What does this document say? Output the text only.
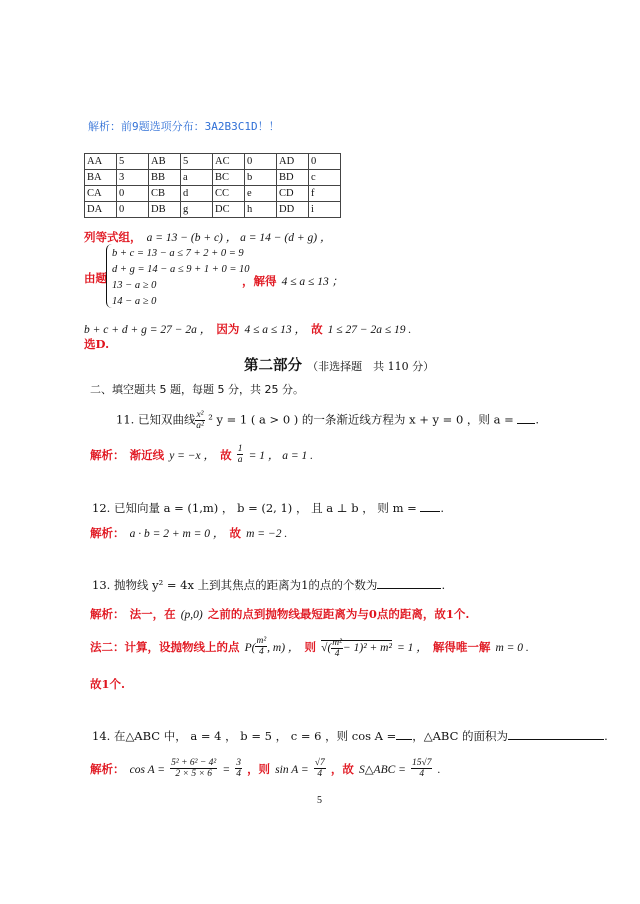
解析：前9题选项分布：3A2B3C1D！！
AA	5	AB	5	AC	0	AD	0
BA	3	BB	a	BC	b	BD	c
CA	0	CB	d	CC	e	CD	f
DA	0	DB	g	DC	h	DD	i
列等式组， a = 13 − (b + c) ， a = 14 − (d + g) ，
由题
b + c = 13 − a ≤ 7 + 2 + 0 = 9
d + g = 14 − a ≤ 9 + 1 + 0 = 10
13 − a ≥ 0
14 − a ≥ 0
，解得 4 ≤ a ≤ 13 ；
b + c + d + g = 27 − 2a ， 因为 4 ≤ a ≤ 13 ， 故 1 ≤ 27 − 2a ≤ 19 .
选D.
第二部分 （非选择题　共 110 分）
二、填空题共 5 题，每题 5 分，共 25 分。
11. 已知双曲线 $\frac{\text{x²}}{\text{a²}} ^2$ y = 1 ( a > 0 ) 的一条渐近线方程为 x + y = 0 ，则 a = .
解析： 渐近线 y = −x ， 故 $\frac{1}{a} = 1$ ， a = 1 .
12. 已知向量 a = (1,m) ， b = (2, 1) ， 且 a ⊥ b ， 则 m = .
解析： a · b = 2 + m = 0 ， 故 m = −2 .
13. 抛物线 y² = 4x 上到其焦点的距离为1的点的个数为	.
解析： 法一，在 (p,0) 之前的点到抛物线最短距离为与0点的距离，故1个.
法二：计算，设抛物线上的点 $P( \frac{\text{m²}}{4}$ , m) ， 则 √( $\frac{\text{m²}}{4} - 1)^2 + m^2 = 1$ ， 解得唯一解 m = 0 .
故1个.
14. 在△ABC 中， a = 4 ， b = 5 ， c = 6 ，则 cos A = ，△ABC 的面积为	.
解析： $\cos A = \frac{\text{5² + 6² − 4²}}{2 \times 5 \times 6} = \frac{3}{4}$ ，则 $\sin A = \frac{√7}{4}$ ，故 S△ABC = $\frac{15√7}{4}$ .
5
